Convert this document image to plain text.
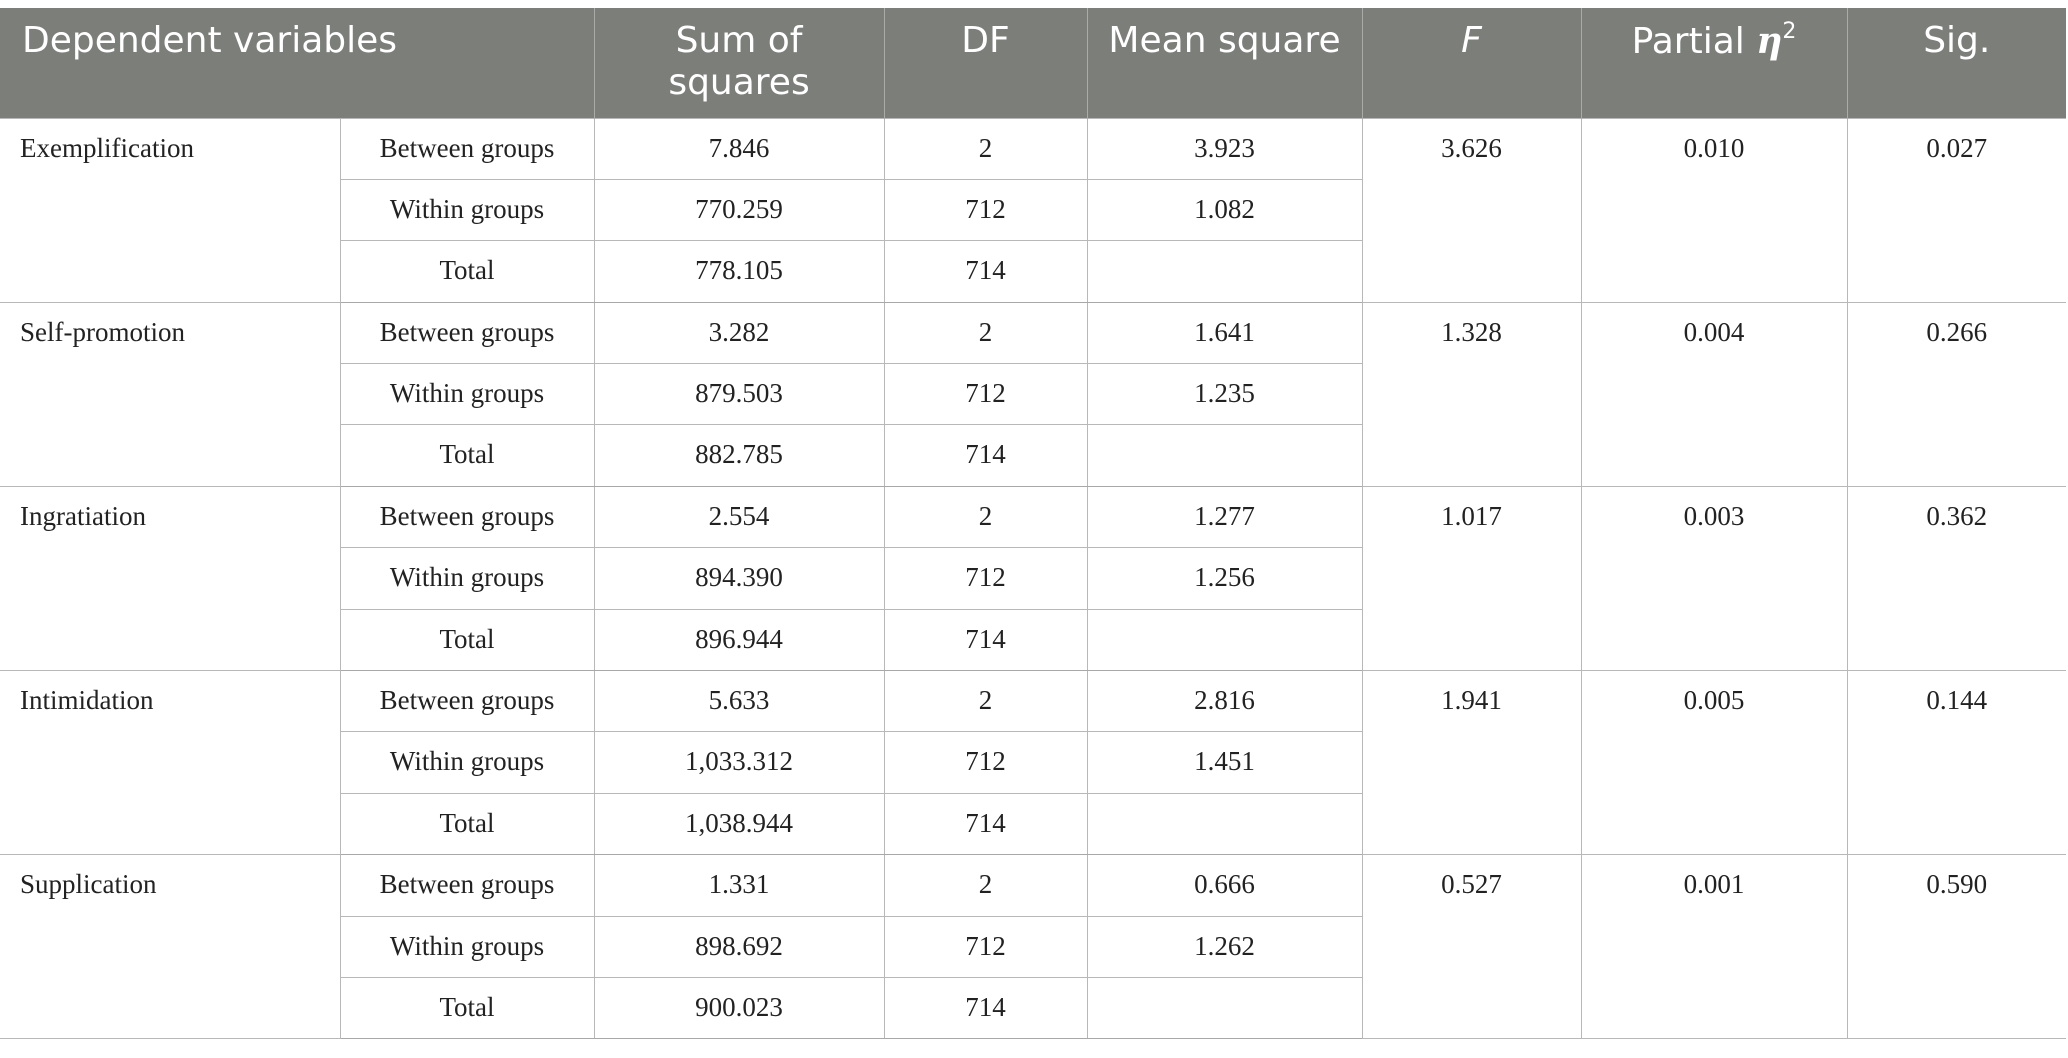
Dependent variables		Sum of squares	DF	Mean square	F	Partial $\eta^2$	Sig.
Exemplification	Between groups	7.846	2	3.923	3.626	0.010	0.027
	Within groups	770.259	712	1.082			
	Total	778.105	714				
Self-promotion	Between groups	3.282	2	1.641	1.328	0.004	0.266
	Within groups	879.503	712	1.235			
	Total	882.785	714				
Ingratiation	Between groups	2.554	2	1.277	1.017	0.003	0.362
	Within groups	894.390	712	1.256			
	Total	896.944	714				
Intimidation	Between groups	5.633	2	2.816	1.941	0.005	0.144
	Within groups	1,033.312	712	1.451			
	Total	1,038.944	714				
Supplication	Between groups	1.331	2	0.666	0.527	0.001	0.590
	Within groups	898.692	712	1.262			
	Total	900.023	714				
